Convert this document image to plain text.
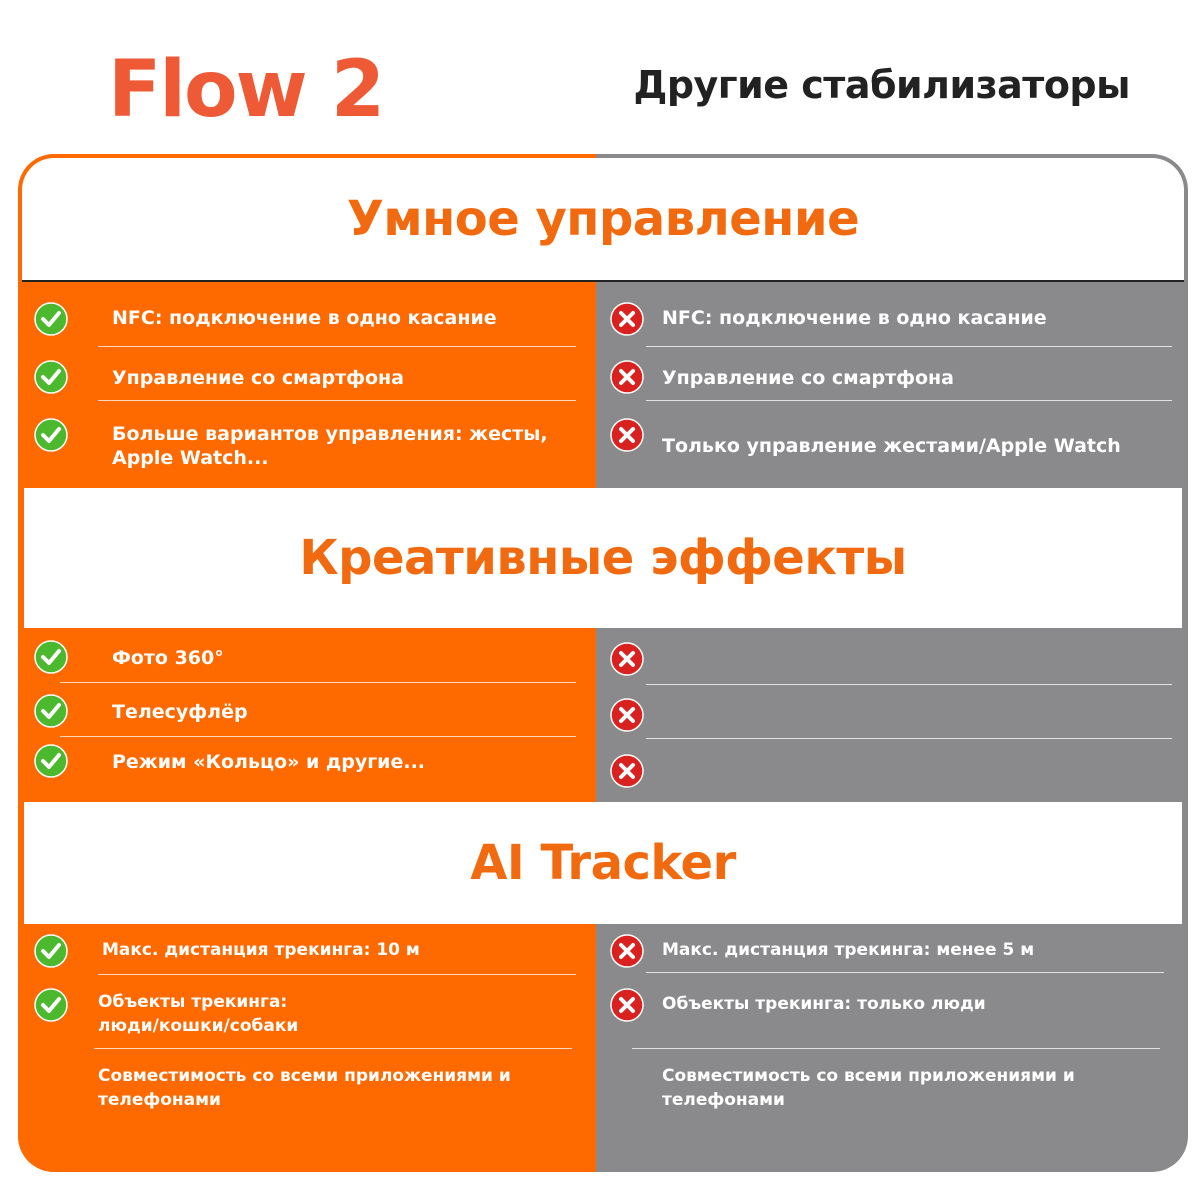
Flow 2	Другие стабилизаторы
Умное управление
NFC: подключение в одно касание
Управление со смартфона
Больше вариантов управления: жесты, Apple Watch...
NFC: подключение в одно касание
Управление со смартфона
Только управление жестами/Apple Watch
Креативные эффекты
Фото 360°
Телесуфлёр
Режим «Кольцо» и другие...
AI Tracker
Макс. дистанция трекинга: 10 м
Объекты трекинга: люди/кошки/собаки
Совместимость со всеми приложениями и телефонами
Макс. дистанция трекинга: менее 5 м
Объекты трекинга: только люди
Совместимость со всеми приложениями и телефонами
